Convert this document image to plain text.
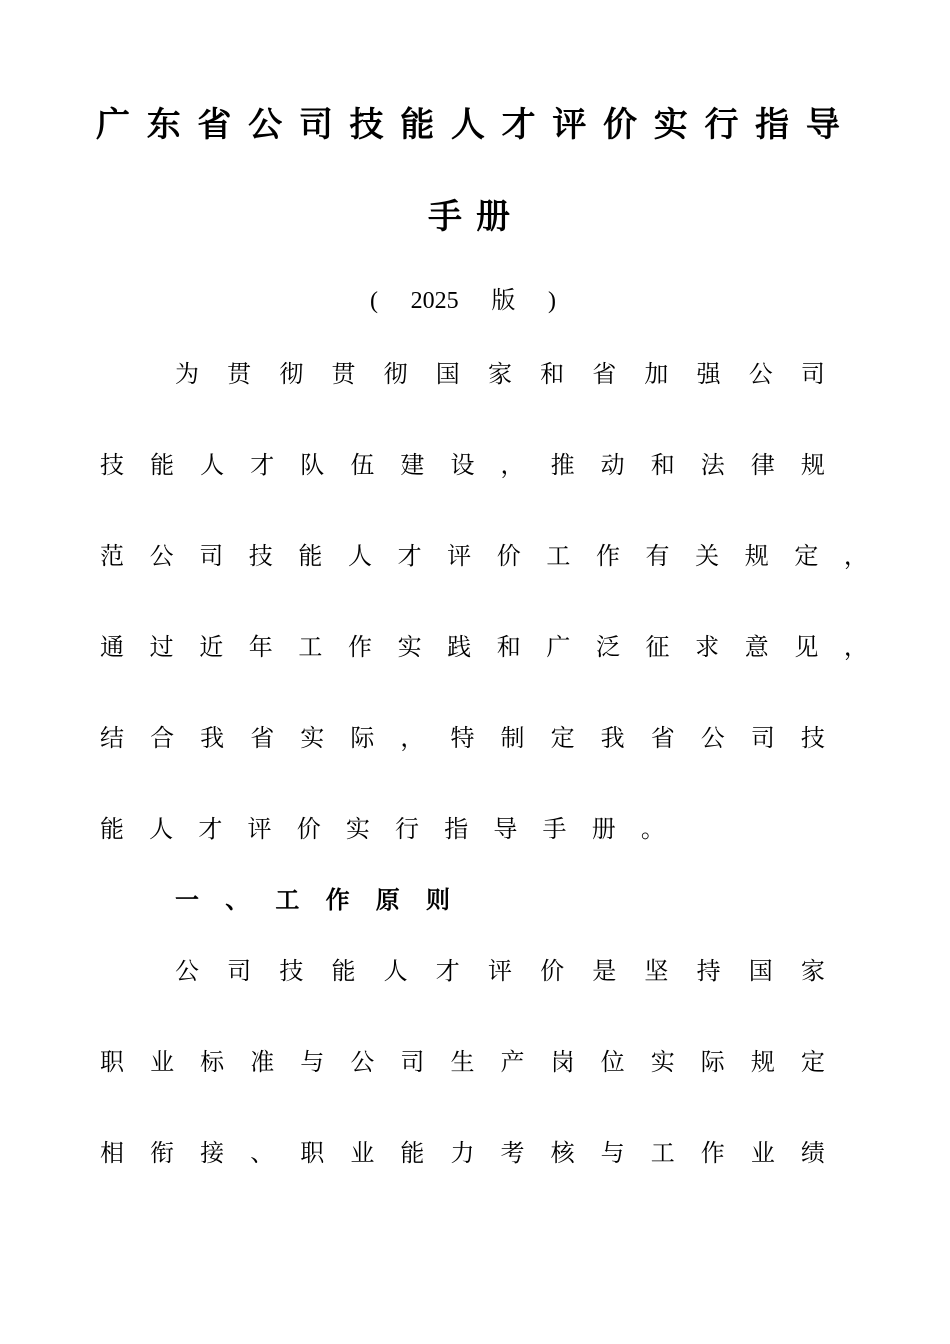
广 东 省 公 司 技 能 人 才 评 价 实 行 指 导
手 册
( 2025 版 )
为 贯 彻 贯 彻 国 家 和 省 加 强 公 司
技 能 人 才 队 伍 建 设 ， 推 动 和 法 律 规
范 公 司 技 能 人 才 评 价 工 作 有 关 规 定 ，
通 过 近 年 工 作 实 践 和 广 泛 征 求 意 见 ，
结 合 我 省 实 际 ， 特 制 定 我 省 公 司 技
能 人 才 评 价 实 行 指 导 手 册 。
一 、 工 作 原 则
公 司 技 能 人 才 评 价 是 坚 持 国 家
职 业 标 准 与 公 司 生 产 岗 位 实 际 规 定
相 衔 接 、 职 业 能 力 考 核 与 工 作 业 绩
